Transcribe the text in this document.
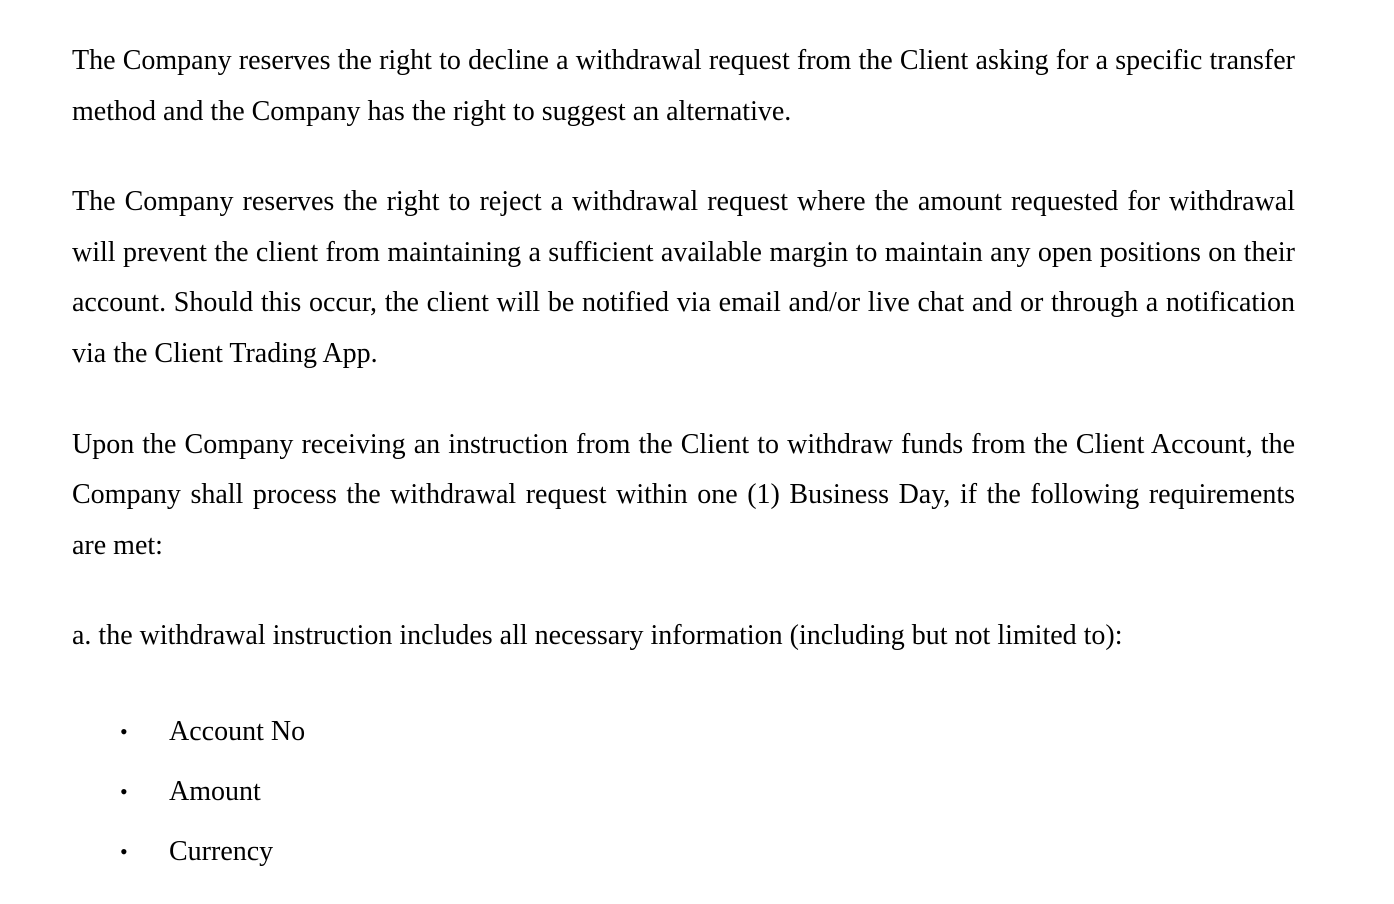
The Company reserves the right to decline a withdrawal request from the Client asking for a specific transfer method and the Company has the right to suggest an alternative.

The Company reserves the right to reject a withdrawal request where the amount requested for withdrawal will prevent the client from maintaining a sufficient available margin to maintain any open positions on their account. Should this occur, the client will be notified via email and/or live chat and or through a notification via the Client Trading App.

Upon the Company receiving an instruction from the Client to withdraw funds from the Client Account, the Company shall process the withdrawal request within one (1) Business Day, if the following requirements are met:

a. the withdrawal instruction includes all necessary information (including but not limited to):

• Account No
• Amount
• Currency
